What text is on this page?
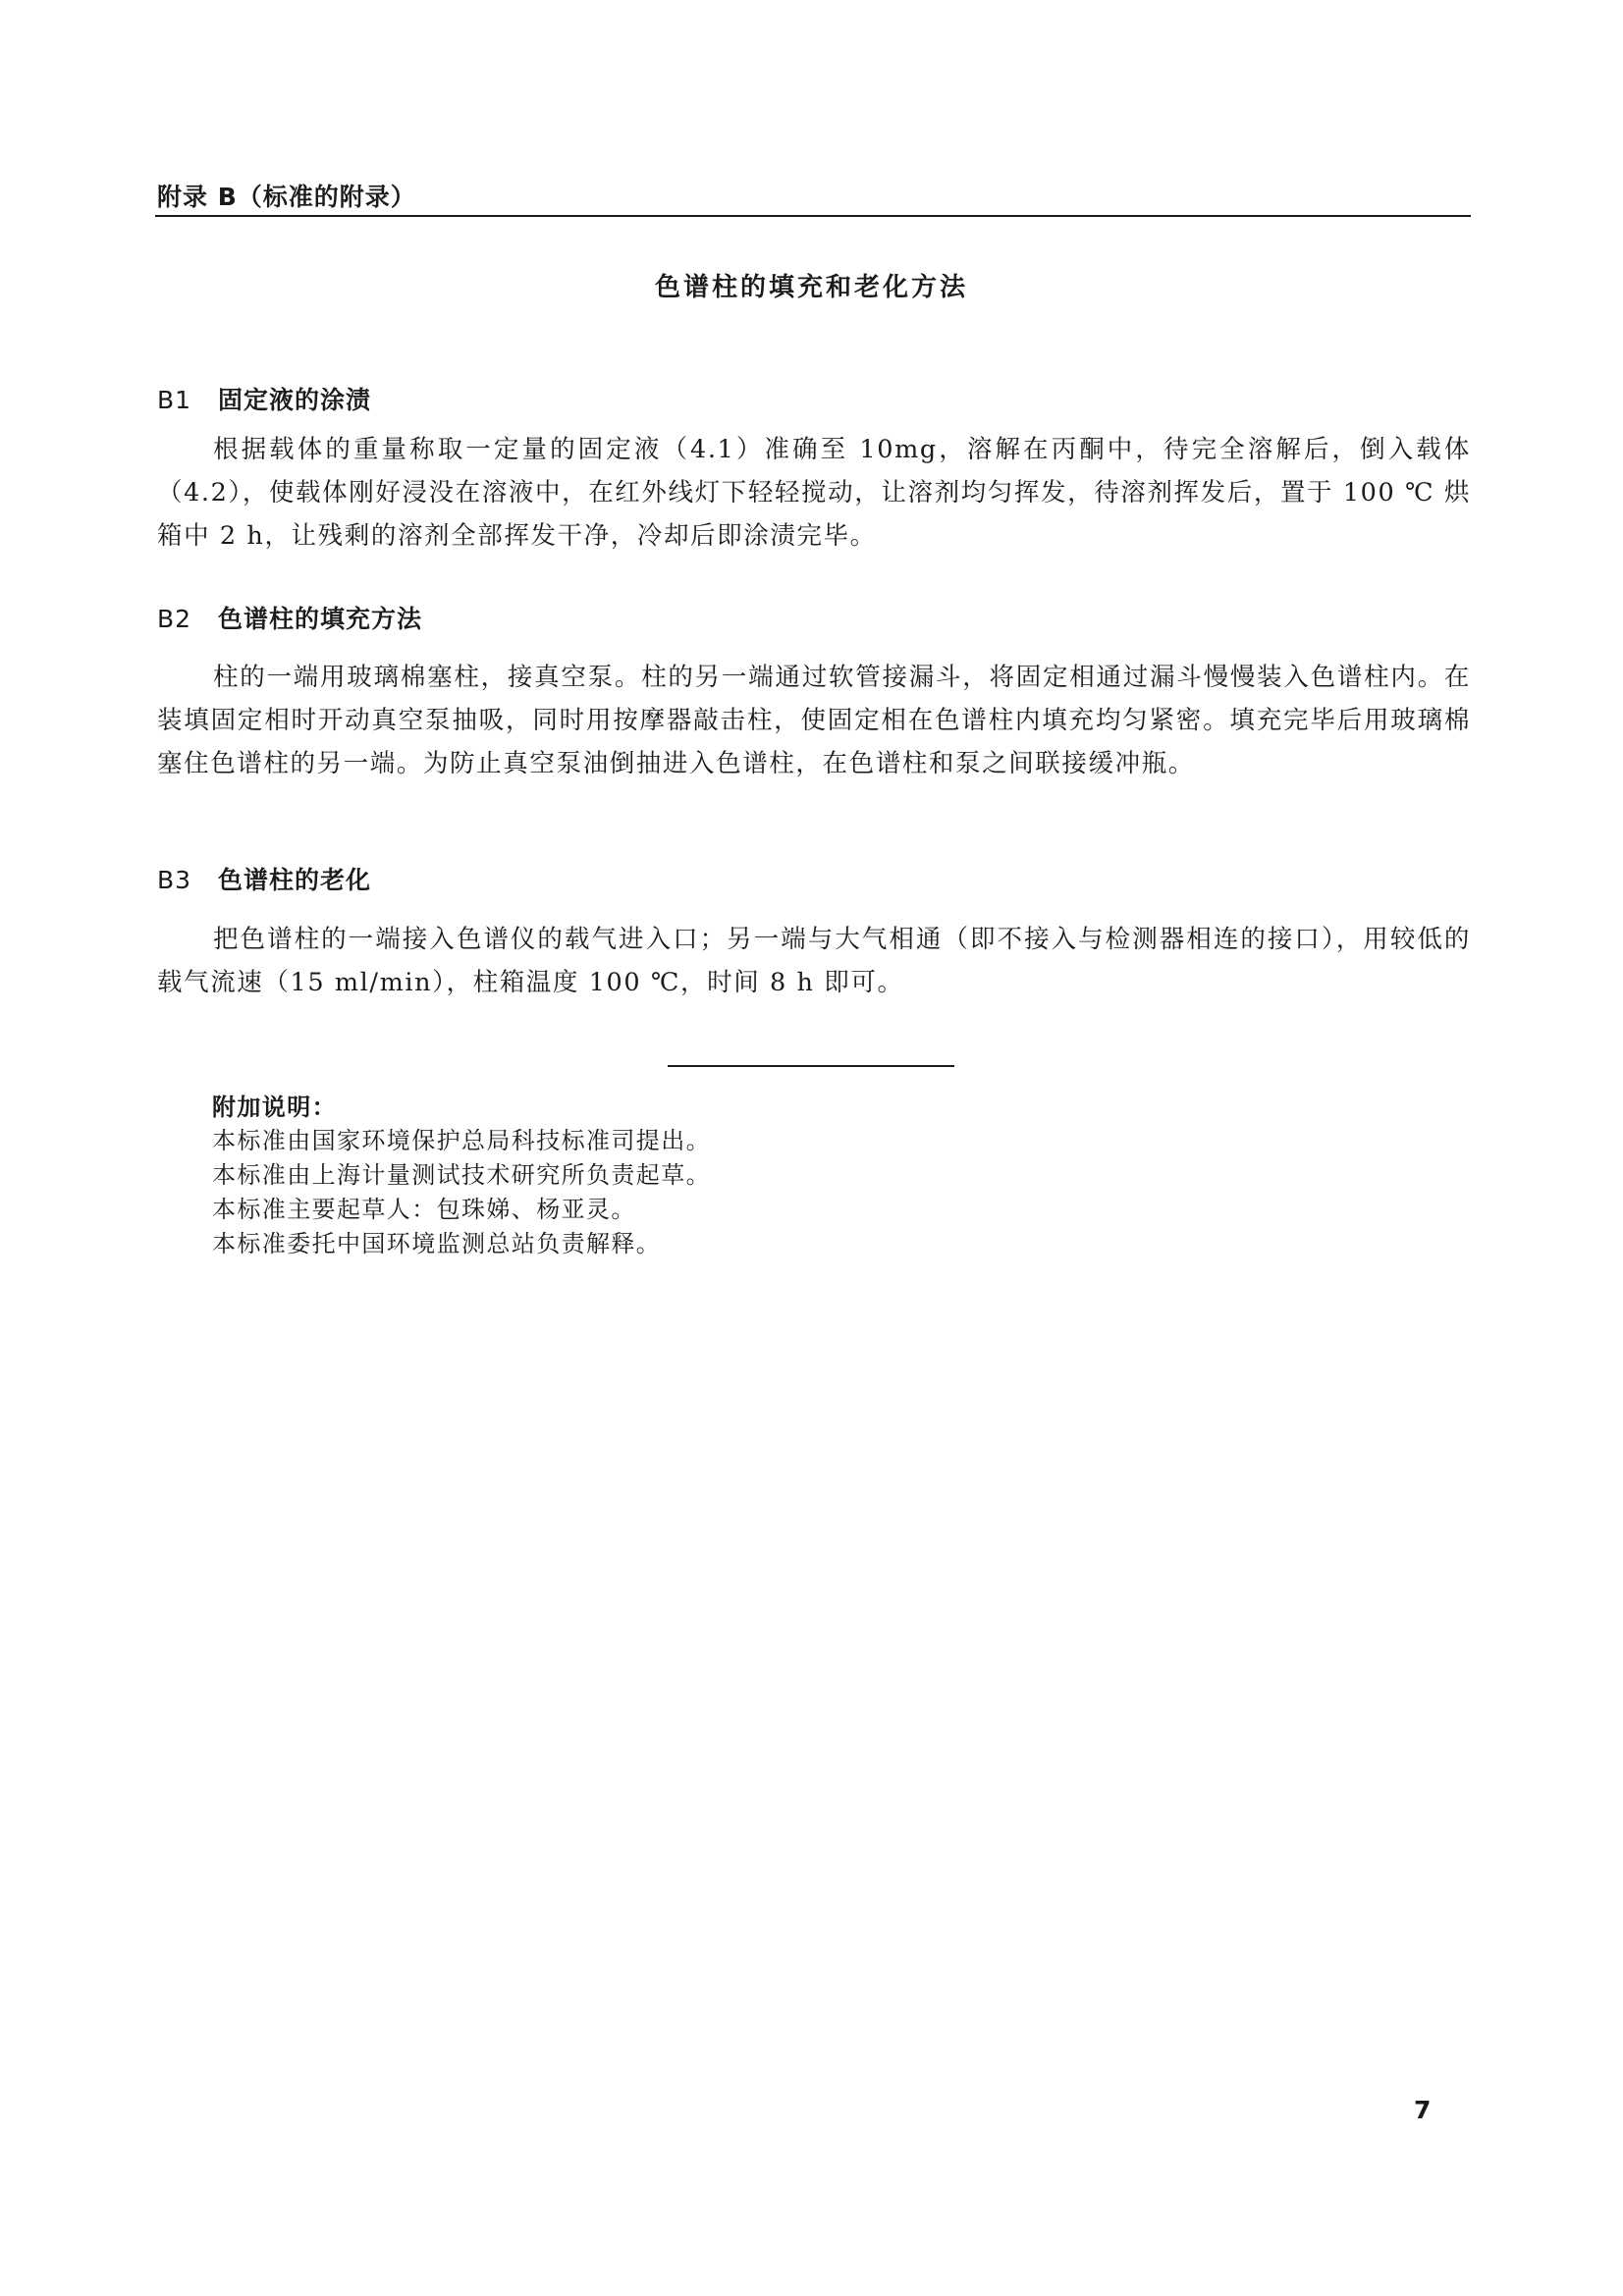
附录 B（标准的附录）
色谱柱的填充和老化方法
B1 固定液的涂渍
根据载体的重量称取一定量的固定液（4.1）准确至 10mg，溶解在丙酮中，待完全溶解后，倒入载体（4.2），使载体刚好浸没在溶液中，在红外线灯下轻轻搅动，让溶剂均匀挥发，待溶剂挥发后，置于 100 ℃ 烘箱中 2 h，让残剩的溶剂全部挥发干净，冷却后即涂渍完毕。
B2 色谱柱的填充方法
柱的一端用玻璃棉塞柱，接真空泵。柱的另一端通过软管接漏斗，将固定相通过漏斗慢慢装入色谱柱内。在装填固定相时开动真空泵抽吸，同时用按摩器敲击柱，使固定相在色谱柱内填充均匀紧密。填充完毕后用玻璃棉塞住色谱柱的另一端。为防止真空泵油倒抽进入色谱柱，在色谱柱和泵之间联接缓冲瓶。
B3 色谱柱的老化
把色谱柱的一端接入色谱仪的载气进入口；另一端与大气相通（即不接入与检测器相连的接口），用较低的载气流速（15 ml/min），柱箱温度 100 ℃，时间 8 h 即可。
附加说明：
本标准由国家环境保护总局科技标准司提出。
本标准由上海计量测试技术研究所负责起草。
本标准主要起草人：包珠娣、杨亚灵。
本标准委托中国环境监测总站负责解释。
7
